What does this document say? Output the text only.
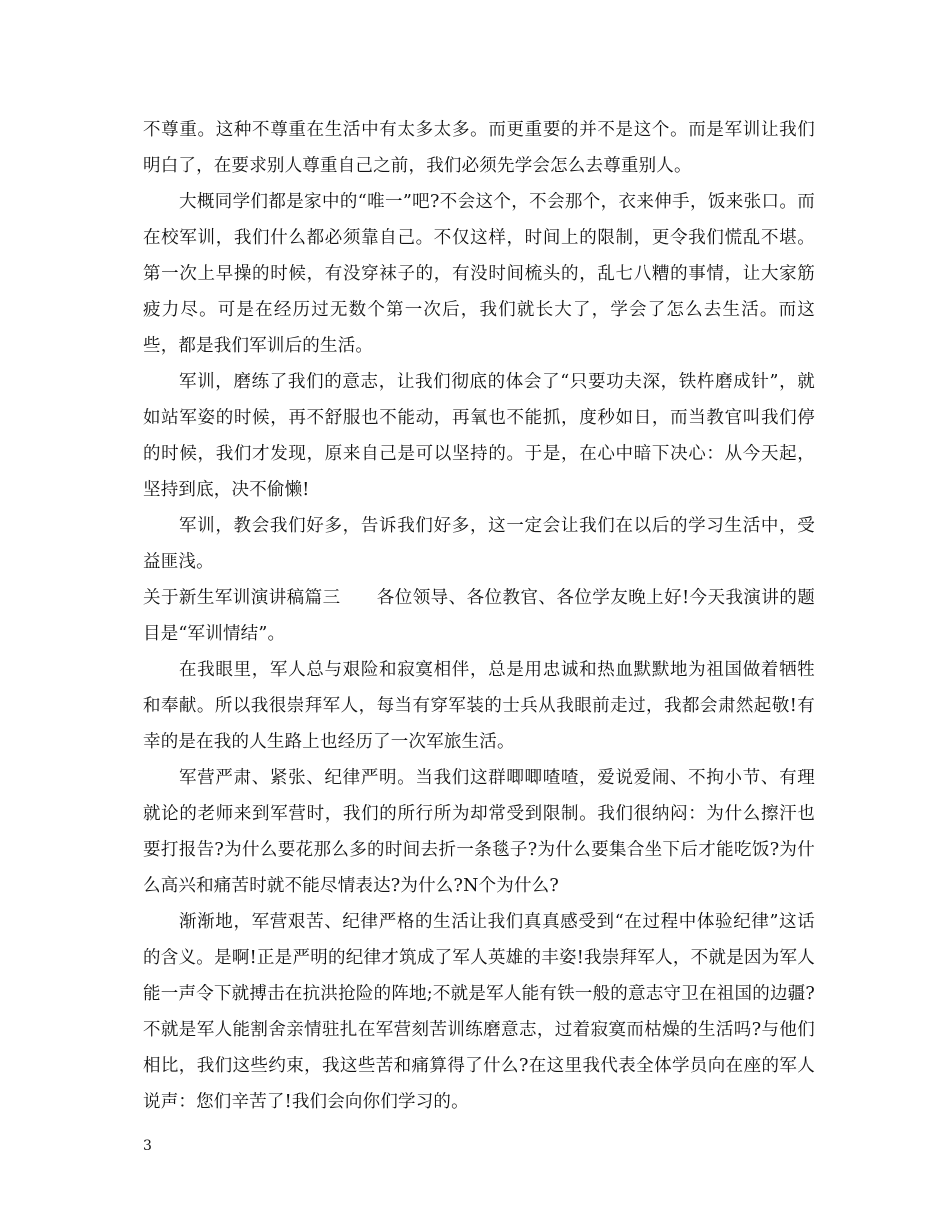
不尊重。这种不尊重在生活中有太多太多。而更重要的并不是这个。而是军训让我们明白了，在要求别人尊重自己之前，我们必须先学会怎么去尊重别人。

大概同学们都是家中的“唯一”吧?不会这个，不会那个，衣来伸手，饭来张口。而在校军训，我们什么都必须靠自己。不仅这样，时间上的限制，更令我们慌乱不堪。第一次上早操的时候，有没穿袜子的，有没时间梳头的，乱七八糟的事情，让大家筋疲力尽。可是在经历过无数个第一次后，我们就长大了，学会了怎么去生活。而这些，都是我们军训后的生活。

军训，磨练了我们的意志，让我们彻底的体会了“只要功夫深，铁杵磨成针”，就如站军姿的时候，再不舒服也不能动，再氧也不能抓，度秒如日，而当教官叫我们停的时候，我们才发现，原来自己是可以坚持的。于是，在心中暗下决心：从今天起，坚持到底，决不偷懒!

军训，教会我们好多，告诉我们好多，这一定会让我们在以后的学习生活中，受益匪浅。

关于新生军训演讲稿篇三 各位领导、各位教官、各位学友晚上好!今天我演讲的题目是“军训情结”。

在我眼里，军人总与艰险和寂寞相伴，总是用忠诚和热血默默地为祖国做着牺牲和奉献。所以我很崇拜军人，每当有穿军装的士兵从我眼前走过，我都会肃然起敬!有幸的是在我的人生路上也经历了一次军旅生活。

军营严肃、紧张、纪律严明。当我们这群唧唧喳喳，爱说爱闹、不拘小节、有理就论的老师来到军营时，我们的所行所为却常受到限制。我们很纳闷：为什么擦汗也要打报告?为什么要花那么多的时间去折一条毯子?为什么要集合坐下后才能吃饭?为什么高兴和痛苦时就不能尽情表达?为什么?N个为什么?

渐渐地，军营艰苦、纪律严格的生活让我们真真感受到“在过程中体验纪律”这话的含义。是啊!正是严明的纪律才筑成了军人英雄的丰姿!我崇拜军人，不就是因为军人能一声令下就搏击在抗洪抢险的阵地;不就是军人能有铁一般的意志守卫在祖国的边疆?不就是军人能割舍亲情驻扎在军营刻苦训练磨意志，过着寂寞而枯燥的生活吗?与他们相比，我们这些约束，我这些苦和痛算得了什么?在这里我代表全体学员向在座的军人说声：您们辛苦了!我们会向你们学习的。

3
